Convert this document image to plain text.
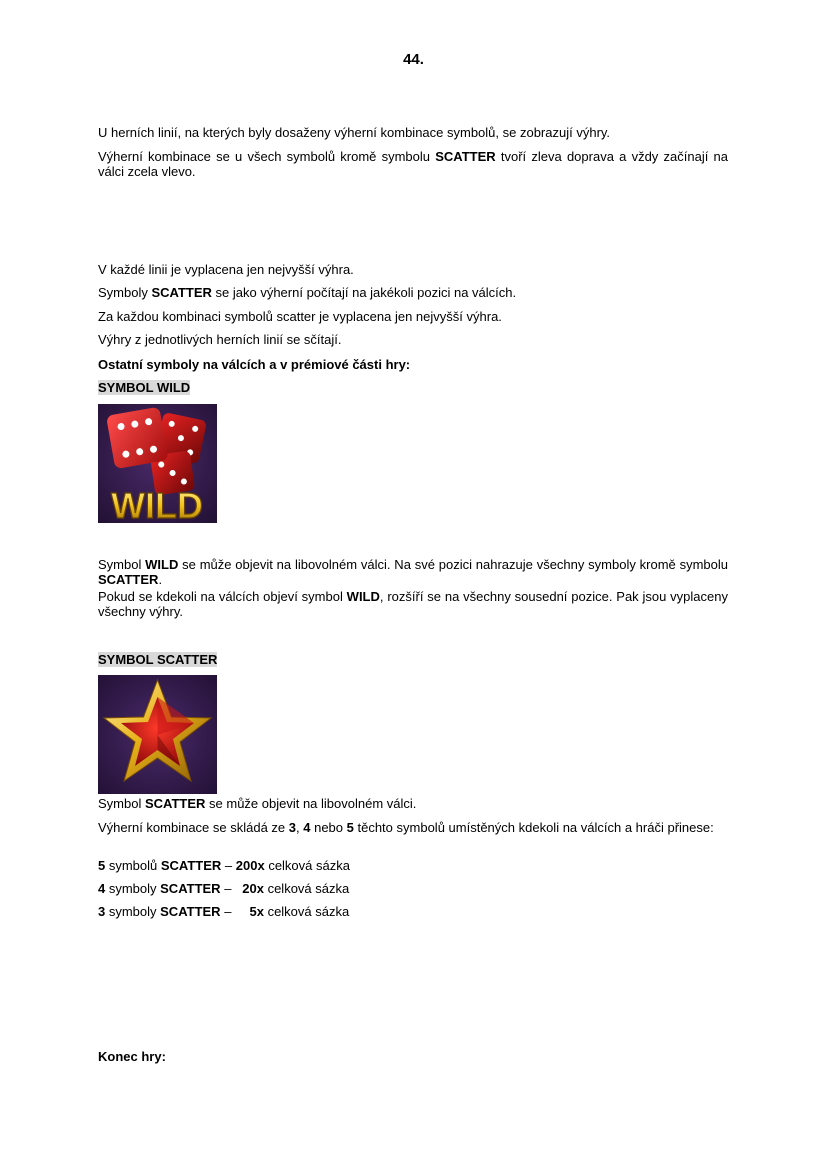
44.
U herních linií, na kterých byly dosaženy výherní kombinace symbolů, se zobrazují výhry.
Výherní kombinace se u všech symbolů kromě symbolu SCATTER tvoří zleva doprava a vždy začínají na válci zcela vlevo.
V každé linii je vyplacena jen nejvyšší výhra.
Symboly SCATTER se jako výherní počítají na jakékoli pozici na válcích.
Za každou kombinaci symbolů scatter je vyplacena jen nejvyšší výhra.
Výhry z jednotlivých herních linií se sčítají.
Ostatní symboly na válcích a v prémiové části hry:
SYMBOL WILD
WILD
Symbol WILD se může objevit na libovolném válci. Na své pozici nahrazuje všechny symboly kromě symbolu SCATTER.
Pokud se kdekoli na válcích objeví symbol WILD, rozšíří se na všechny sousední pozice. Pak jsou vyplaceny všechny výhry.
SYMBOL SCATTER
Symbol SCATTER se může objevit na libovolném válci.
Výherní kombinace se skládá ze 3, 4 nebo 5 těchto symbolů umístěných kdekoli na válcích a hráči přinese:
5 symbolů SCATTER – 200x celková sázka
4 symboly SCATTER –   20x celková sázka
3 symboly SCATTER –     5x celková sázka
Konec hry:
